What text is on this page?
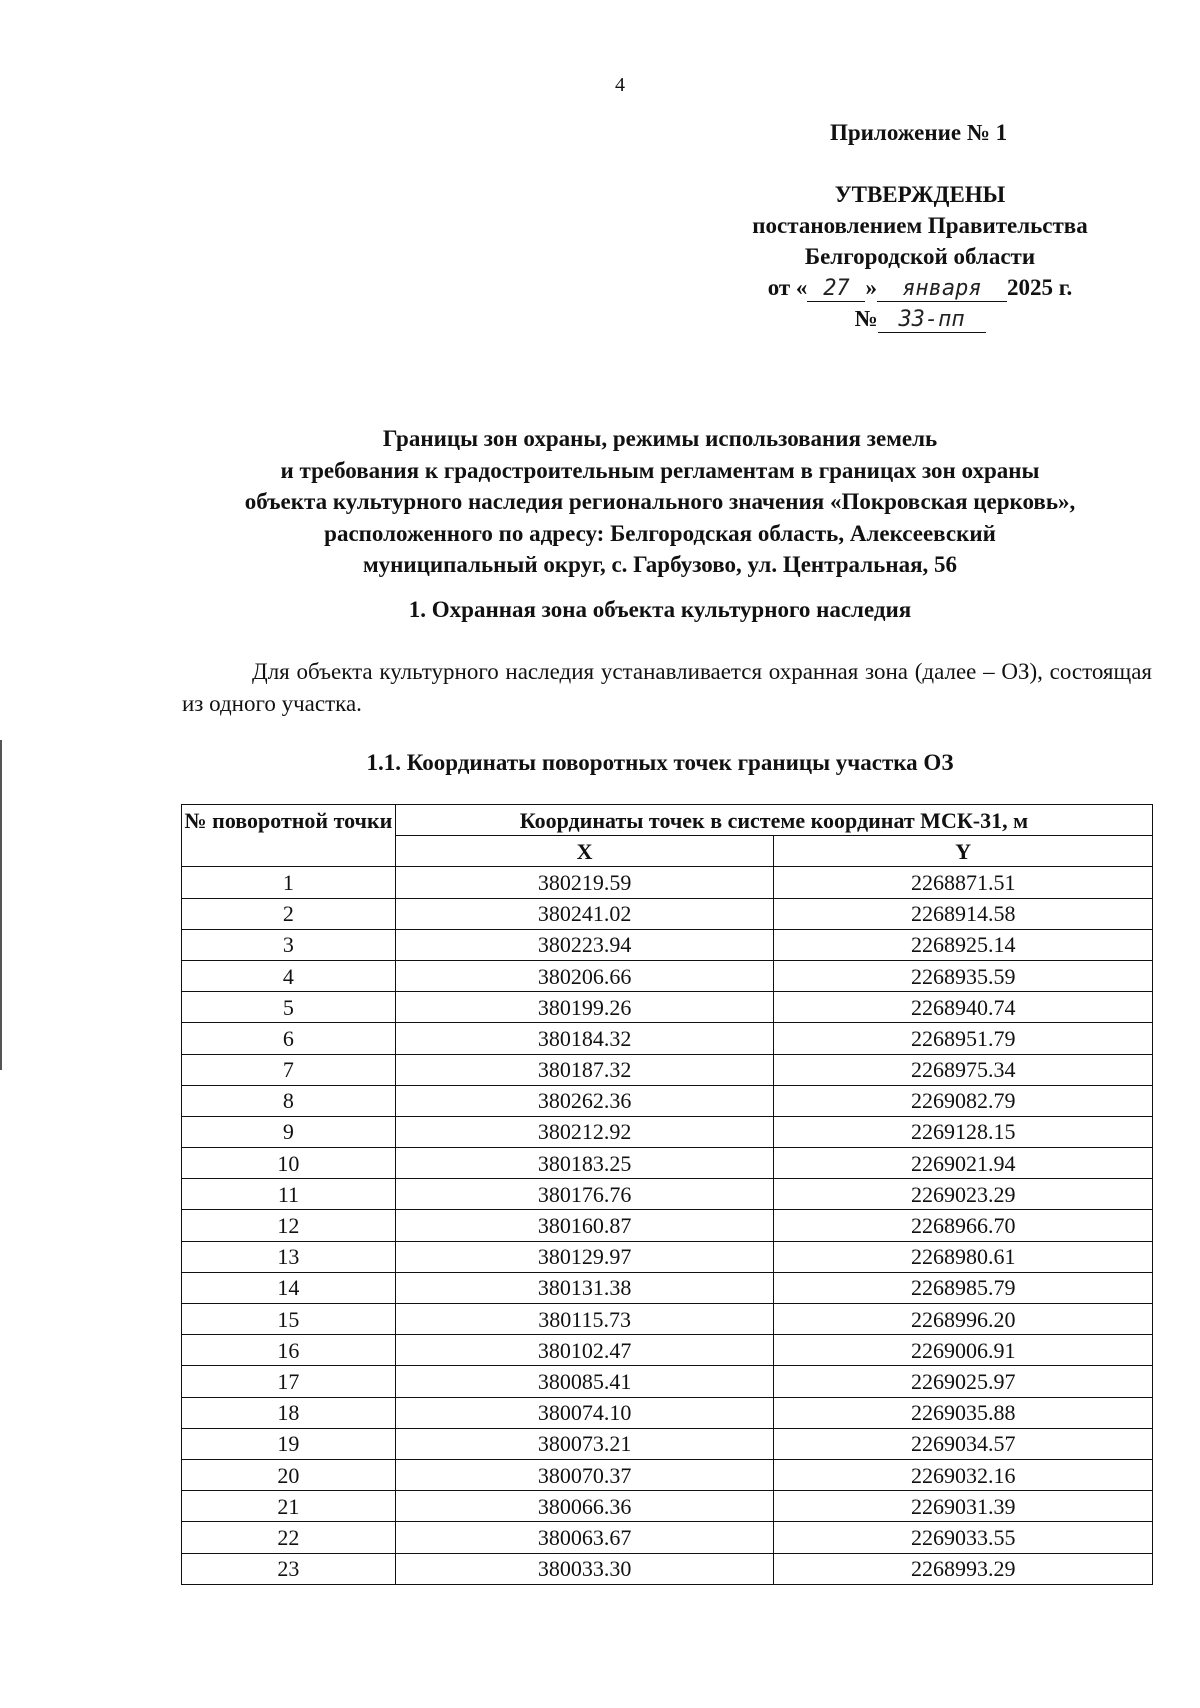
4
Приложение № 1
УТВЕРЖДЕНЫ
постановлением Правительства
Белгородской области
от « 27 » января 2025 г.
№ 33-пп
Границы зон охраны, режимы использования земель
и требования к градостроительным регламентам в границах зон охраны
объекта культурного наследия регионального значения «Покровская церковь»,
расположенного по адресу: Белгородская область, Алексеевский
муниципальный округ, с. Гарбузово, ул. Центральная, 56
1. Охранная зона объекта культурного наследия
Для объекта культурного наследия устанавливается охранная зона (далее – ОЗ), состоящая из одного участка.
1.1. Координаты поворотных точек границы участка ОЗ
№ поворотной точки	Координаты точек в системе координат МСК-31, м	
	X	Y
1	380219.59	2268871.51
2	380241.02	2268914.58
3	380223.94	2268925.14
4	380206.66	2268935.59
5	380199.26	2268940.74
6	380184.32	2268951.79
7	380187.32	2268975.34
8	380262.36	2269082.79
9	380212.92	2269128.15
10	380183.25	2269021.94
11	380176.76	2269023.29
12	380160.87	2268966.70
13	380129.97	2268980.61
14	380131.38	2268985.79
15	380115.73	2268996.20
16	380102.47	2269006.91
17	380085.41	2269025.97
18	380074.10	2269035.88
19	380073.21	2269034.57
20	380070.37	2269032.16
21	380066.36	2269031.39
22	380063.67	2269033.55
23	380033.30	2268993.29
